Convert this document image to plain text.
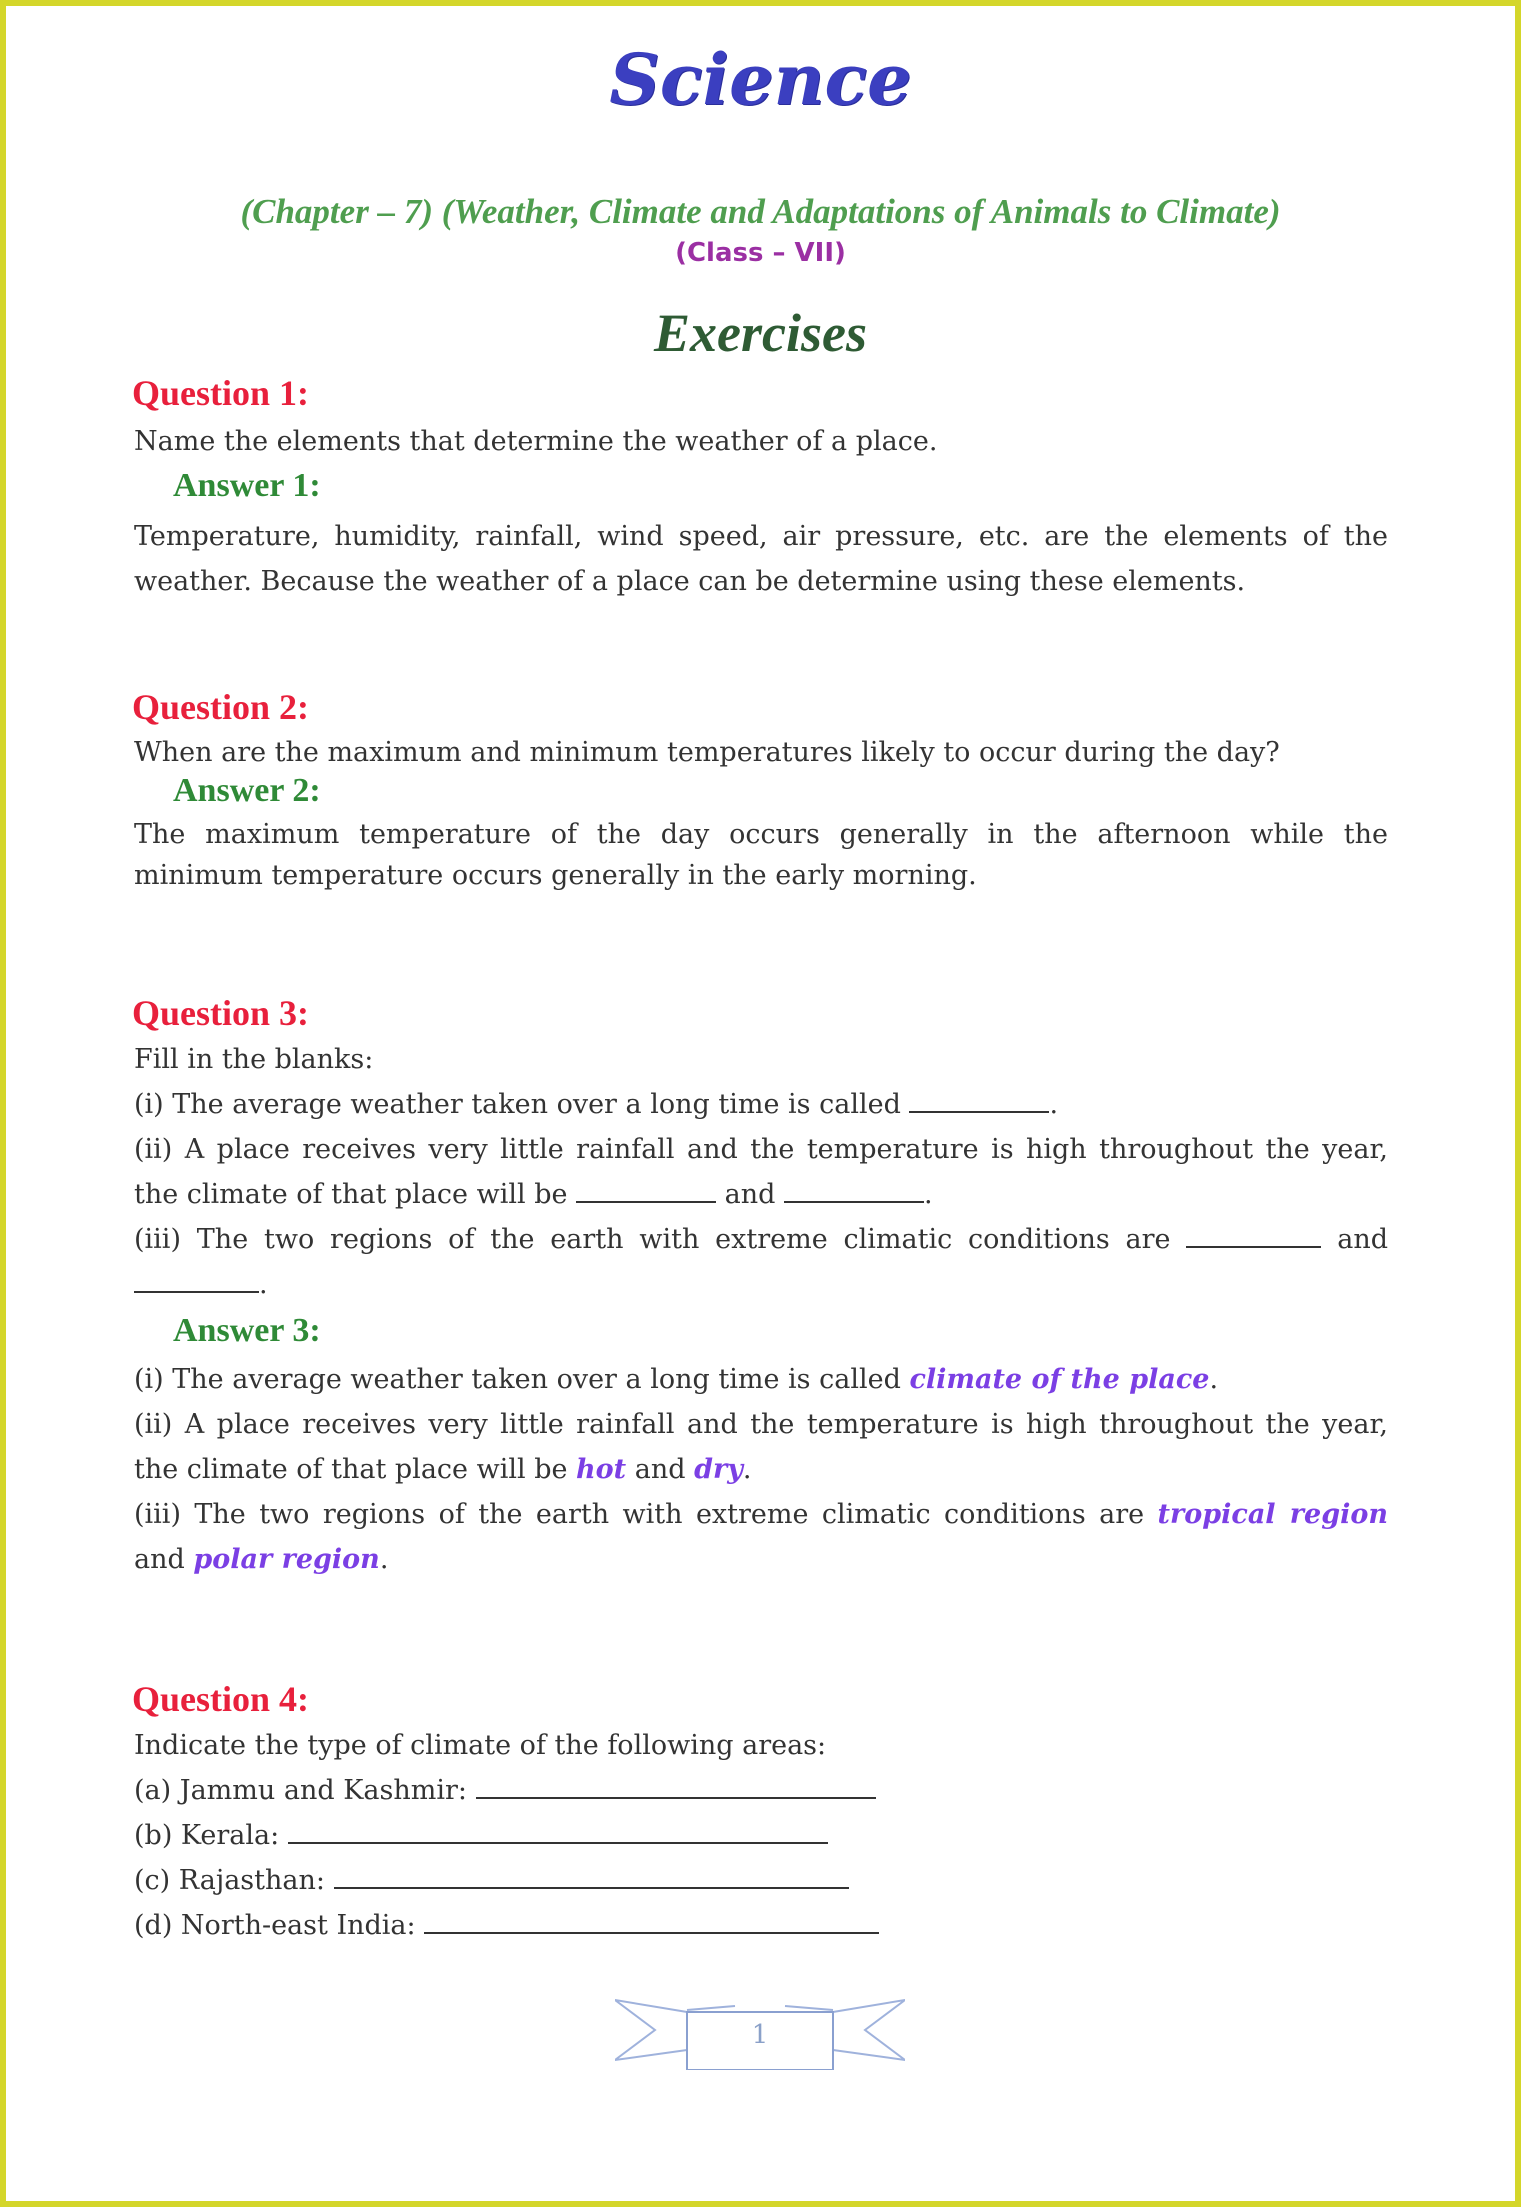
Science
(Chapter – 7) (Weather, Climate and Adaptations of Animals to Climate)
(Class – VII)
Exercises
Question 1:

Name the elements that determine the weather of a place.

Answer 1:

Temperature, humidity, rainfall, wind speed, air pressure, etc. are the elements of the
weather. Because the weather of a place can be determine using these elements.

Question 2:

When are the maximum and minimum temperatures likely to occur during the day?

Answer 2:

The maximum temperature of the day occurs generally in the afternoon while the
minimum temperature occurs generally in the early morning.

Question 3:

Fill in the blanks:
(i) The average weather taken over a long time is called	.
(ii) A place receives very little rainfall and the temperature is high throughout the year,
the climate of that place will be	and	.
(iii) The two regions of the earth with extreme climatic conditions are	and
.

Answer 3:

(i) The average weather taken over a long time is called climate of the place.
(ii) A place receives very little rainfall and the temperature is high throughout the year,
the climate of that place will be hot and dry.
(iii) The two regions of the earth with extreme climatic conditions are tropical region
and polar region.

Question 4:

Indicate the type of climate of the following areas:
(a) Jammu and Kashmir:
(b) Kerala:
(c) Rajasthan:
(d) North-east India:

1
